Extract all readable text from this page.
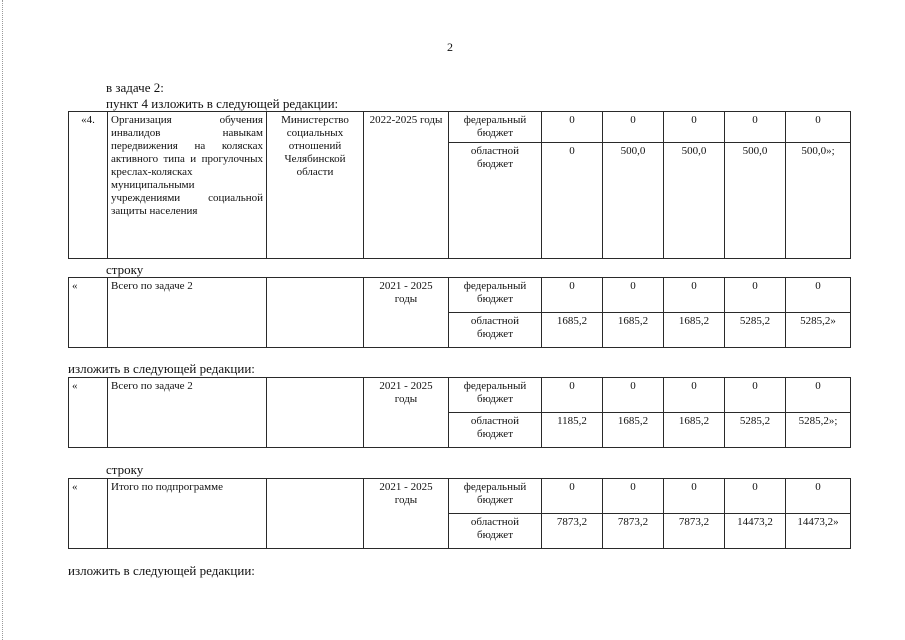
2
в задаче 2:
пункт 4 изложить в следующей редакции:
«4.	Организация обучения инвалидов навыкам передвижения на колясках активного типа и прогулочных креслах-колясках муниципальными учреждениями социальной защиты населения	Министерство социальных отношений Челябинской области	2022-2025 годы	федеральный бюджет	0	0	0	0	0
				областной бюджет	0	500,0	500,0	500,0	500,0»;
строку
«	Всего по задаче 2		2021 - 2025 годы	федеральный бюджет	0	0	0	0	0
				областной бюджет	1685,2	1685,2	1685,2	5285,2	5285,2»
изложить в следующей редакции:
«	Всего по задаче 2		2021 - 2025 годы	федеральный бюджет	0	0	0	0	0
				областной бюджет	1185,2	1685,2	1685,2	5285,2	5285,2»;
строку
«	Итого по подпрограмме		2021 - 2025 годы	федеральный бюджет	0	0	0	0	0
				областной бюджет	7873,2	7873,2	7873,2	14473,2	14473,2»
изложить в следующей редакции:
